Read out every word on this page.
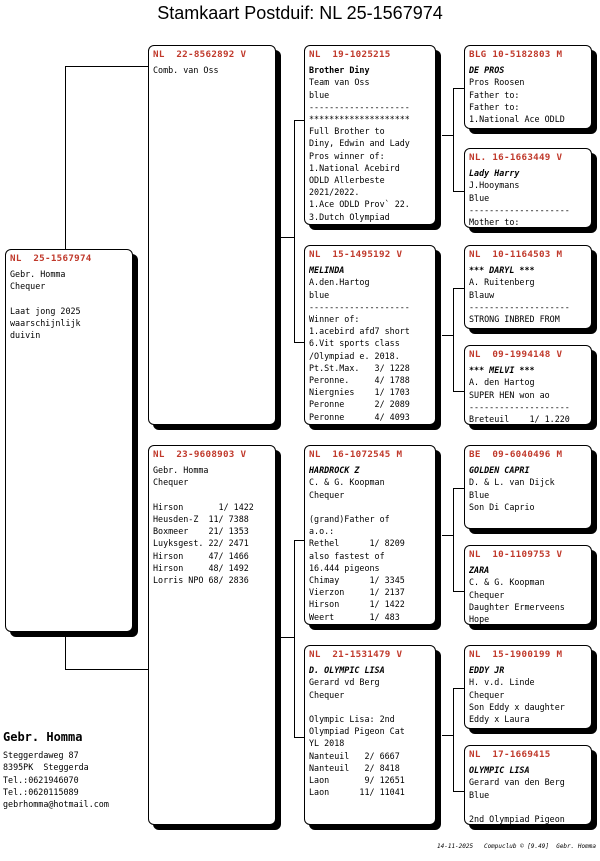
Stamkaart Postduif: NL 25-1567974
NL  25-1567974
Gebr. Homma
Chequer
Laat jong 2025
waarschijnlijk
duivin
NL  22-8562892 V
Comb. van Oss
NL  23-9608903 V
Gebr. Homma
Chequer
Hirson       1/ 1422
Heusden-Z  11/ 7388
Boxmeer    21/ 1353
Luyksgest. 22/ 2471
Hirson     47/ 1466
Hirson     48/ 1492
Lorris NPO 68/ 2836
NL  19-1025215
Brother Diny
Team van Oss
blue
--------------------
********************
Full Brother to
Diny, Edwin and Lady
Pros winner of:
1.National Acebird
ODLD Allerbeste
2021/2022.
1.Ace ODLD Prov` 22.
3.Dutch Olympiad
NL  15-1495192 V
MELINDA
A.den.Hartog
blue
--------------------
Winner of:
1.acebird afd7 short
6.Vit sports class
/Olympiad e. 2018.
Pt.St.Max.   3/ 1228
Peronne.     4/ 1788
Niergnies    1/ 1703
Peronne      2/ 2089
Peronne      4/ 4093
NL  16-1072545 M
HARDROCK Z
C. & G. Koopman
Chequer
(grand)Father of
a.o.:
Rethel      1/ 8209
also fastest of
16.444 pigeons
Chimay      1/ 3345
Vierzon     1/ 2137
Hirson      1/ 1422
Weert       1/ 483
NL  21-1531479 V
D. OLYMPIC LISA
Gerard vd Berg
Chequer
Olympic Lisa: 2nd
Olympiad Pigeon Cat
YL 2018
Nanteuil   2/ 6667
Nanteuil   2/ 8418
Laon       9/ 12651
Laon      11/ 11041
BLG 10-5182803 M
DE PROS
Pros Roosen
Father to:
Father to:
1.National Ace ODLD
NL. 16-1663449 V
Lady Harry
J.Hooymans
Blue
--------------------
Mother to:
NL  10-1164503 M
*** DARYL ***
A. Ruitenberg
Blauw
--------------------
STRONG INBRED FROM
NL  09-1994148 V
*** MELVI ***
A. den Hartog
SUPER HEN won ao
--------------------
Breteuil    1/ 1.220
BE  09-6040496 M
GOLDEN CAPRI
D. & L. van Dijck
Blue
Son Di Caprio
NL  10-1109753 V
ZARA
C. & G. Koopman
Chequer
Daughter Ermerveens
Hope
NL  15-1900199 M
EDDY JR
H. v.d. Linde
Chequer
Son Eddy x daughter
Eddy x Laura
NL  17-1669415
OLYMPIC LISA
Gerard van den Berg
Blue
2nd Olympiad Pigeon
Gebr. Homma
Steggerdaweg 87
8395PK  Steggerda
Tel.:0621946070
Tel.:0620115089
gebrhomma@hotmail.com
14-11-2025   Compuclub © [9.49]  Gebr. Homma
